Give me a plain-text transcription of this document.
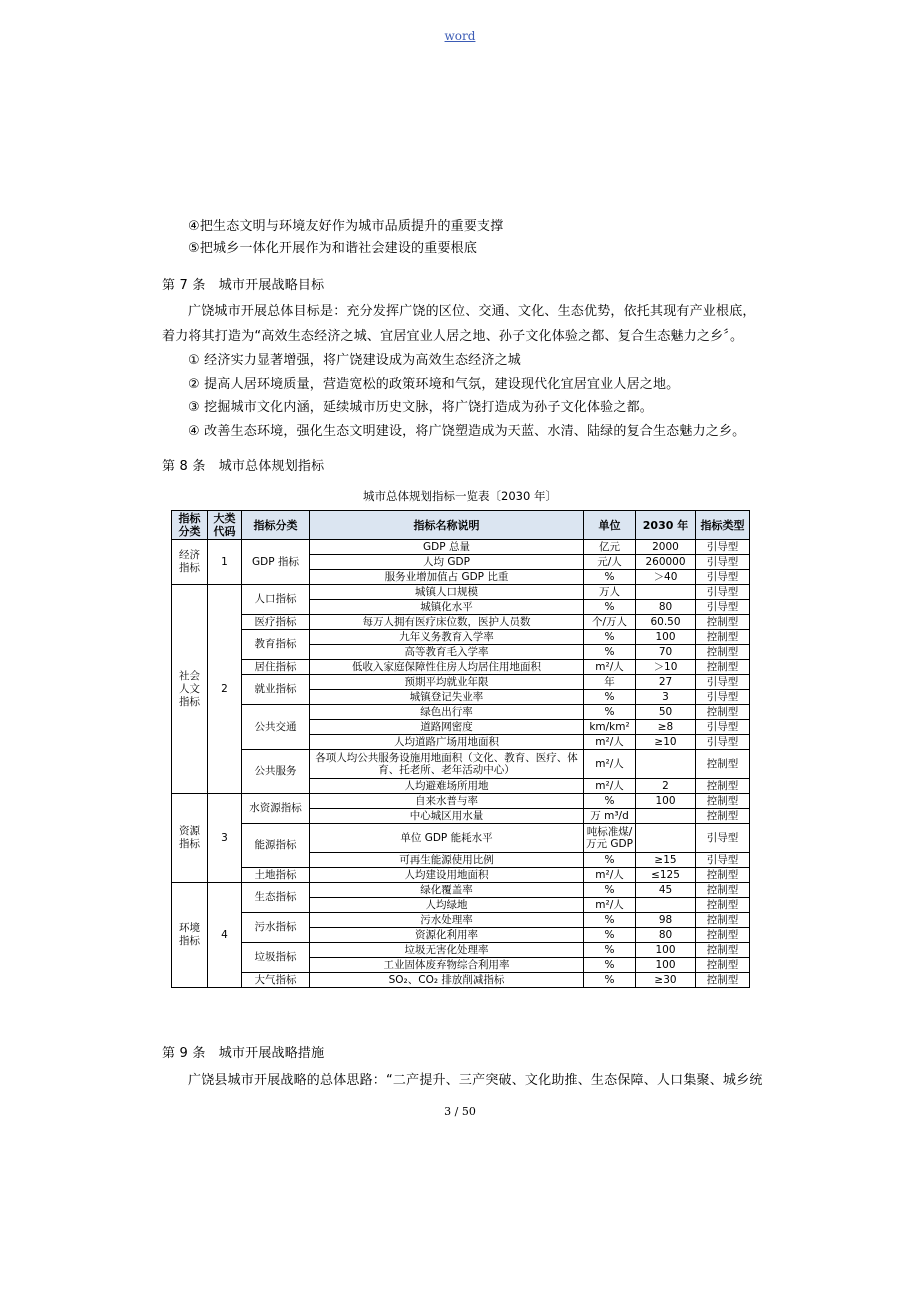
word
④把生态文明与环境友好作为城市品质提升的重要支撑
⑤把城乡一体化开展作为和谐社会建设的重要根底
第 7 条　城市开展战略目标
广饶城市开展总体目标是：充分发挥广饶的区位、交通、文化、生态优势，依托其现有产业根底，
着力将其打造为“高效生态经济之城、宜居宜业人居之地、孙子文化体验之都、复合生态魅力之乡〞。
① 经济实力显著增强，将广饶建设成为高效生态经济之城
② 提高人居环境质量，营造宽松的政策环境和气氛，建设现代化宜居宜业人居之地。
③ 挖掘城市文化内涵，延续城市历史文脉，将广饶打造成为孙子文化体验之都。
④ 改善生态环境，强化生态文明建设，将广饶塑造成为天蓝、水清、陆绿的复合生态魅力之乡。
第 8 条　城市总体规划指标
城市总体规划指标一览表〔2030 年〕
指标分类	大类代码	指标分类	指标名称说明	单位	2030 年	指标类型
经济指标	1	GDP 指标	GDP 总量	亿元	2000	引导型
			人均 GDP	元/人	260000	引导型
			服务业增加值占 GDP 比重	%	＞40	引导型
社会人文指标	2	人口指标	城镇人口规模	万人		引导型
			城镇化水平	%	80	引导型
		医疗指标	每万人拥有医疗床位数，医护人员数	个/万人	60.50	控制型
		教育指标	九年义务教育入学率	%	100	控制型
			高等教育毛入学率	%	70	控制型
		居住指标	低收入家庭保障性住房人均居住用地面积	m²/人	＞10	控制型
		就业指标	预期平均就业年限	年	27	引导型
			城镇登记失业率	%	3	引导型
		公共交通	绿色出行率	%	50	控制型
			道路网密度	km/km²	≥8	引导型
			人均道路广场用地面积	m²/人	≥10	引导型
		公共服务	各项人均公共服务设施用地面积（文化、教育、医疗、体育、托老所、老年活动中心）	m²/人		控制型
			人均避难场所用地	m²/人	2	控制型
资源指标	3	水资源指标	自来水普与率	%	100	控制型
			中心城区用水量	万 m³/d		控制型
		能源指标	单位 GDP 能耗水平	吨标准煤/万元 GDP		引导型
			可再生能源使用比例	%	≥15	引导型
		土地指标	人均建设用地面积	m²/人	≤125	控制型
环境指标	4	生态指标	绿化覆盖率	%	45	控制型
			人均绿地	m²/人		控制型
		污水指标	污水处理率	%	98	控制型
			资源化利用率	%	80	控制型
		垃圾指标	垃圾无害化处理率	%	100	控制型
			工业固体废弃物综合利用率	%	100	控制型
		大气指标	SO₂、CO₂ 排放削减指标	%	≥30	控制型
第 9 条　城市开展战略措施
广饶县城市开展战略的总体思路：“二产提升、三产突破、文化助推、生态保障、人口集聚、城乡统
3 / 50
